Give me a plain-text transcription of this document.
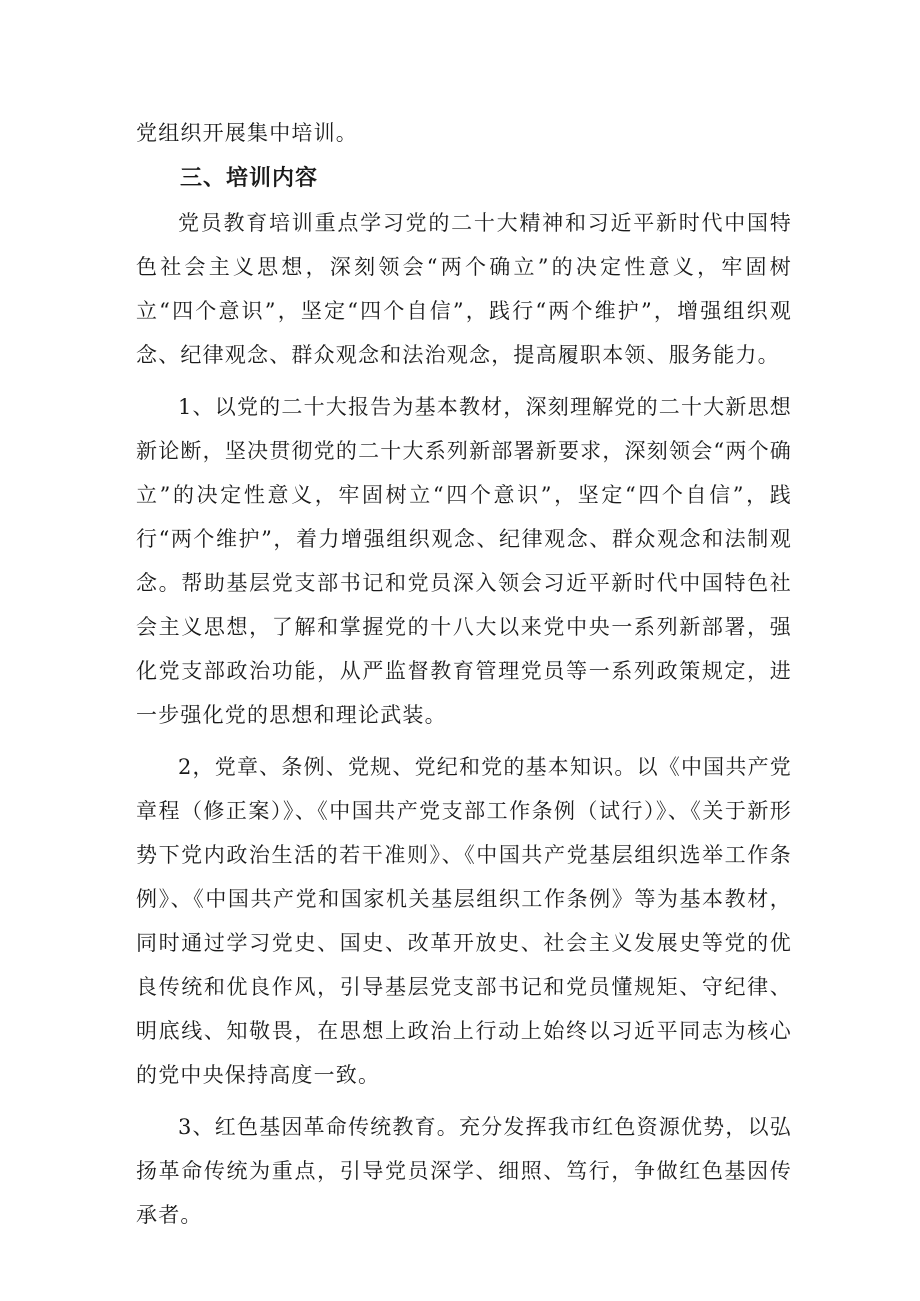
党组织开展集中培训。

三、培训内容

党员教育培训重点学习党的二十大精神和习近平新时代中国特色社会主义思想，深刻领会“两个确立”的决定性意义，牢固树立“四个意识”，坚定“四个自信”，践行“两个维护”，增强组织观念、纪律观念、群众观念和法治观念，提高履职本领、服务能力。

1、以党的二十大报告为基本教材，深刻理解党的二十大新思想新论断，坚决贯彻党的二十大系列新部署新要求，深刻领会“两个确立”的决定性意义，牢固树立“四个意识”，坚定“四个自信”，践行“两个维护”，着力增强组织观念、纪律观念、群众观念和法制观念。帮助基层党支部书记和党员深入领会习近平新时代中国特色社会主义思想，了解和掌握党的十八大以来党中央一系列新部署，强化党支部政治功能，从严监督教育管理党员等一系列政策规定，进一步强化党的思想和理论武装。

2，党章、条例、党规、党纪和党的基本知识。以《中国共产党章程（修正案）》、《中国共产党支部工作条例（试行）》、《关于新形势下党内政治生活的若干准则》、《中国共产党基层组织选举工作条例》、《中国共产党和国家机关基层组织工作条例》等为基本教材，同时通过学习党史、国史、改革开放史、社会主义发展史等党的优良传统和优良作风，引导基层党支部书记和党员懂规矩、守纪律、明底线、知敬畏，在思想上政治上行动上始终以习近平同志为核心的党中央保持高度一致。

3、红色基因革命传统教育。充分发挥我市红色资源优势，以弘扬革命传统为重点，引导党员深学、细照、笃行，争做红色基因传承者。
